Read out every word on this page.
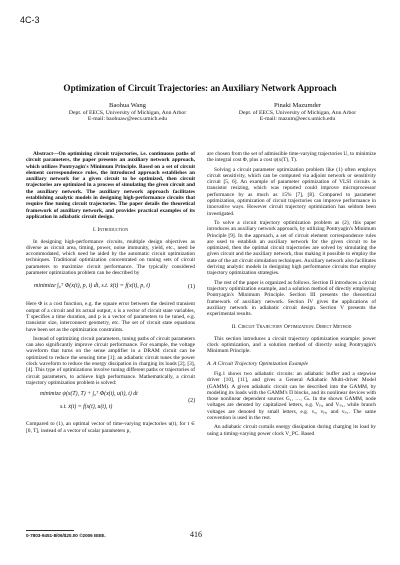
4C-3
Optimization of Circuit Trajectories: an Auxiliary Network Approach
Baohua Wang
Dept. of EECS, University of Michigan, Ann Arbor
E-mail: baohuaw@eecs.umich.edu
Pinaki Mazumder
Dept. of EECS, University of Michigan, Ann Arbor
E-mail: mazum@eecs.umich.edu

Abstract—On optimizing circuit trajectories, i.e. continuous paths of circuit parameters, the paper presents an auxiliary network approach, which utilizes Pontryagin's Minimum Principle. Based on a set of circuit element correspondence rules, the introduced approach establishes an auxiliary network for a given circuit to be optimized, then circuit trajectories are optimized in a process of simulating the given circuit and the auxiliary network. The auxiliary network approach facilitates establishing analytic models in designing high-performance circuits that require fine tuning circuit trajectories. The paper details the theoretical framework of auxiliary network, and provides practical examples of its application in adiabatic circuit design.

I. Introduction

In designing high-performance circuits, multiple design objectives as diverse as circuit area, timing, power, noise immunity, yield, etc., need be accommodated, which need be aided by the automatic circuit optimization techniques. Traditional optimization concentrated on tuning sets of circuit parameters to maximize circuit performance. The typically considered parameter optimization problem can be described by

minimize ∫₀ᵀ Φ(x(t), p, t) dt, s.t. ẋ(t) = f(x(t), p, t)	(1)

Here Φ is a cost function, e.g. the square error between the desired transient output of a circuit and its actual output, x is a vector of circuit state variables, T specifies a time duration, and p is a vector of parameters to be tuned, e.g. transistor size, interconnect geometry, etc. The set of circuit state equations have been set as the optimization constraints.

Instead of optimizing circuit parameters, tuning paths of circuit parameters can also significantly improve circuit performance. For example, the voltage waveform that turns on the sense amplifier in a DRAM circuit can be optimized to reduce the sensing time [1]; an adiabatic circuit tunes the power clock waveform to reduce the energy dissipation in charging its loads [2], [3], [4]. This type of optimizations involve tuning different paths or trajectories of circuit parameters, to achieve high performance. Mathematically, a circuit trajectory optimization problem is solved:

minimize ψ(x(T), T) + ∫₀ᵀ Φ(x(t), u(t), t) dt
s.t. ẋ(t) = f(x(t), u(t), t)
(2)

Compared to (1), an optimal vector of time-varying trajectories u(t), for t ∈ [0, T], instead of a vector of scalar parameters p,

are chosen from the set of admissible time-varying trajectories U, to minimize the integral cost Φ, plus a cost ψ(x(T), T).

Solving a circuit parameter optimization problem like (1) often employs circuit sensitivity, which can be computed via adjoint network or sensitivity circuit [5, 6]. An example of parameter optimization of VLSI circuits is transistor resizing, which was reported could improve microprocessor performance by as much as 15% [7], [8]. Compared to parameter optimization, optimization of circuit trajectories can improve performance in innovative ways. However circuit trajectory optimization has seldom been investigated.

To solve a circuit trajectory optimization problem as (2), this paper introduces an auxiliary network approach, by utilizing Pontryagin's Minimum Principle [9]. In the approach, a set of circuit element correspondence rules are used to establish an auxiliary network for the given circuit to be optimized, then the optimal circuit trajectories are solved by simulating the given circuit and the auxiliary network, thus making it possible to employ the state of the art circuit simulation techniques. Auxiliary network also facilitates deriving analytic models in designing high performance circuits that employ trajectory optimization strategies.

The rest of the paper is organized as follows. Section II introduces a circuit trajectory optimization example, and a solution method of directly employing Pontryagin's Minimum Principle. Section III presents the theoretical framework of auxiliary network. Section IV gives the applications of auxiliary network in adiabatic circuit design. Section V presents the experimental results.

II. Circuit Trajectory Optimization: Direct Method

This section introduces a circuit trajectory optimization example: power clock optimization, and a solution method of directly using Pontryagin's Minimum Principle.

A. A Circuit Trajectory Optimization Example

Fig.1 shows two adiabatic circuits: an adiabatic buffer and a stepwise driver [10], [11], and gives a General Adiabatic Multi-driver Model (GAMM). A given adiabatic circuit can be described into the GAMM, by modeling its loads with the GAMM's Π blocks, and its nonlinear devices with those nonlinear dependent sources G₁, …, Gₗ. In the shown GAMM, node voltages are denoted by capitalized letters, e.g. Vₚ₀ and Vₚ₁, while branch voltages are denoted by small letters, e.g. vₓ, vₚ₀ and vₚ₁. The same convention is used in the rest.

An adiabatic circuit curtails energy dissipation during charging its load by using a timing-varying power clock V_PC. Based

0-7803-9451-8/06/$20.00 ©2006 IEEE.	416
